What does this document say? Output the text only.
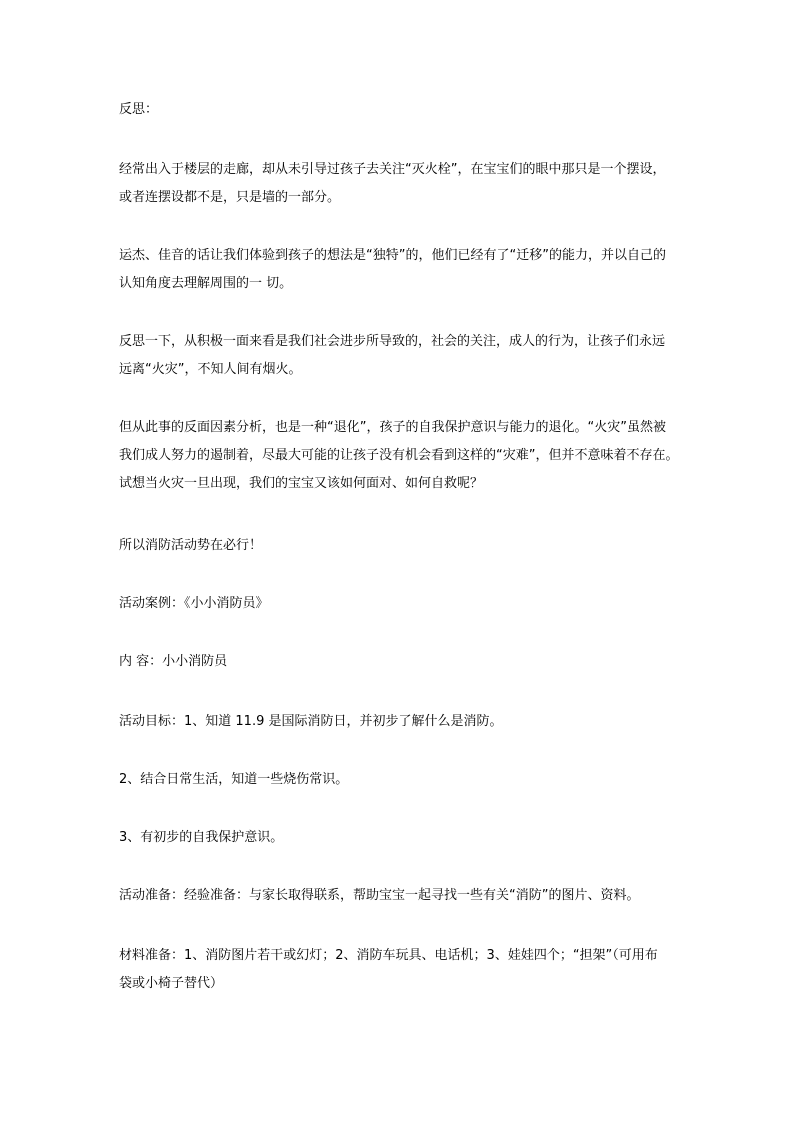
反思：

经常出入于楼层的走廊，却从未引导过孩子去关注“灭火栓”，在宝宝们的眼中那只是一个摆设，
或者连摆设都不是，只是墙的一部分。

运杰、佳音的话让我们体验到孩子的想法是“独特”的，他们已经有了“迁移”的能力，并以自己的
认知角度去理解周围的一 切。

反思一下，从积极一面来看是我们社会进步所导致的，社会的关注，成人的行为，让孩子们永远
远离“火灾”，不知人间有烟火。

但从此事的反面因素分析，也是一种“退化”，孩子的自我保护意识与能力的退化。“火灾”虽然被
我们成人努力的遏制着，尽最大可能的让孩子没有机会看到这样的“灾难”，但并不意味着不存在。
试想当火灾一旦出现，我们的宝宝又该如何面对、如何自救呢？

所以消防活动势在必行！

活动案例：《小小消防员》

内 容：小小消防员

活动目标：1、知道 11.9 是国际消防日，并初步了解什么是消防。

2、结合日常生活，知道一些烧伤常识。

3、有初步的自我保护意识。

活动准备：经验准备：与家长取得联系，帮助宝宝一起寻找一些有关“消防”的图片、资料。

材料准备：1、消防图片若干或幻灯；2、消防车玩具、电话机；3、娃娃四个；“担架”（可用布
袋或小椅子替代）
